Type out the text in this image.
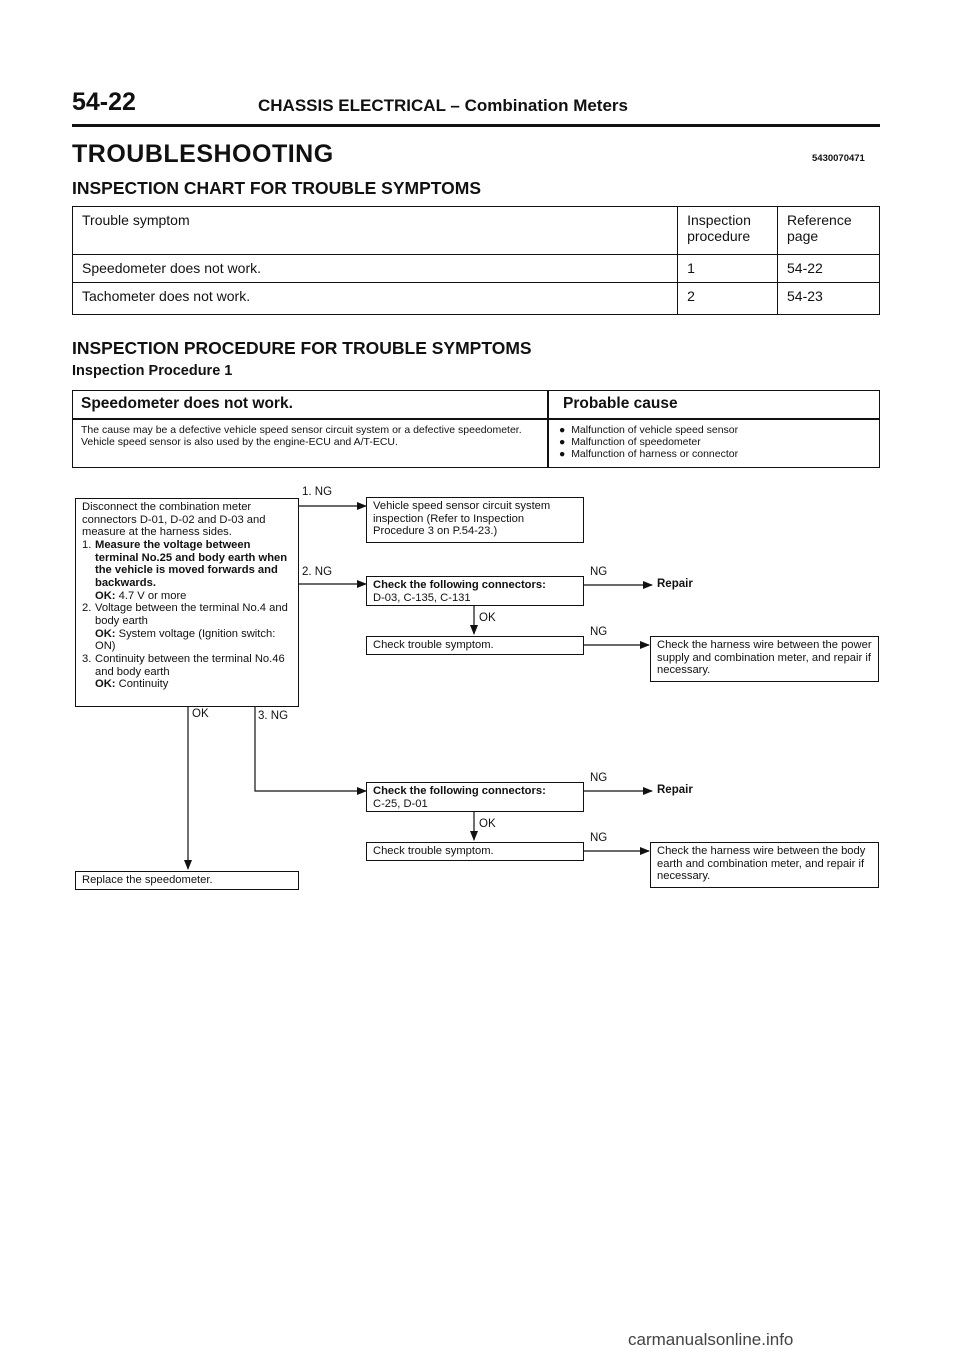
54-22	CHASSIS ELECTRICAL – Combination Meters
TROUBLESHOOTING	5430070471
INSPECTION CHART FOR TROUBLE SYMPTOMS
Trouble symptom	Inspection procedure	Reference page
Speedometer does not work.	1	54-22
Tachometer does not work.	2	54-23
INSPECTION PROCEDURE FOR TROUBLE SYMPTOMS
Inspection Procedure 1
Speedometer does not work.	Probable cause
The cause may be a defective vehicle speed sensor circuit system or a defective speedometer. Vehicle speed sensor is also used by the engine-ECU and A/T-ECU.
● Malfunction of vehicle speed sensor
● Malfunction of speedometer
● Malfunction of harness or connector
Disconnect the combination meter connectors D-01, D-02 and D-03 and measure at the harness sides.
1. Measure the voltage between terminal No.25 and body earth when the vehicle is moved forwards and backwards.
OK: 4.7 V or more
2. Voltage between the terminal No.4 and body earth
OK: System voltage (Ignition switch: ON)
3. Continuity between the terminal No.46 and body earth
OK: Continuity
1. NG
2. NG
OK	3. NG
Vehicle speed sensor circuit system inspection (Refer to Inspection Procedure 3 on P.54-23.)
Check the following connectors:
D-03, C-135, C-131
NG
Repair
OK
Check trouble symptom.
NG
Check the harness wire between the power supply and combination meter, and repair if necessary.
Check the following connectors:
C-25, D-01
NG
Repair
OK
Check trouble symptom.
NG
Check the harness wire between the body earth and combination meter, and repair if necessary.
Replace the speedometer.
carmanualsonline.info
